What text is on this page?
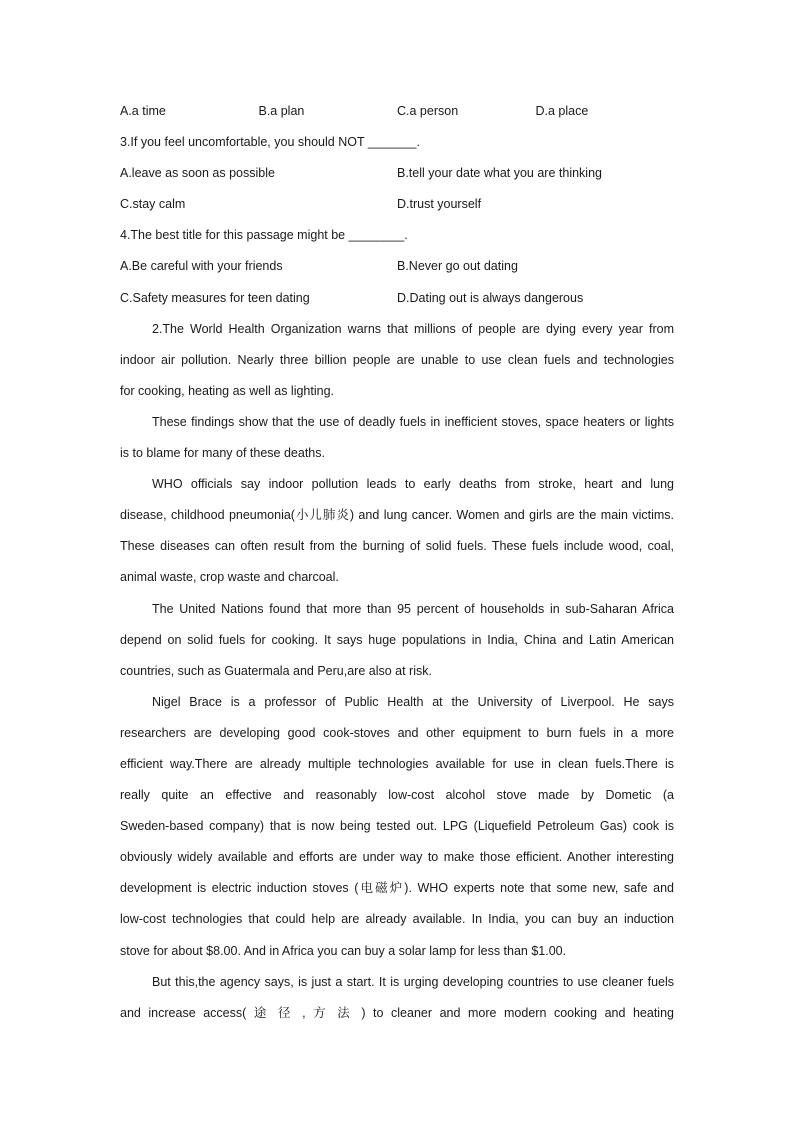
A.a time	B.a plan	C.a person	D.a place
3.If you feel uncomfortable, you should NOT _______.
A.leave as soon as possible	B.tell your date what you are thinking
C.stay calm	D.trust yourself
4.The best title for this passage might be ________.
A.Be careful with your friends	B.Never go out dating
C.Safety measures for teen dating	D.Dating out is always dangerous
2.The World Health Organization warns that millions of people are dying every year from
indoor air pollution. Nearly three billion people are unable to use clean fuels and technologies
for cooking, heating as well as lighting.
These findings show that the use of deadly fuels in inefficient stoves, space heaters or lights
is to blame for many of these deaths.
WHO officials say indoor pollution leads to early deaths from stroke, heart and lung
disease, childhood pneumonia(小儿肺炎) and lung cancer. Women and girls are the main victims.
These diseases can often result from the burning of solid fuels. These fuels include wood, coal,
animal waste, crop waste and charcoal.
The United Nations found that more than 95 percent of households in sub-Saharan Africa
depend on solid fuels for cooking. It says huge populations in India, China and Latin American
countries, such as Guatermala and Peru,are also at risk.
Nigel Brace is a professor of Public Health at the University of Liverpool. He says
researchers are developing good cook-stoves and other equipment to burn fuels in a more
efficient way.There are already multiple technologies available for use in clean fuels.There is
really quite an effective and reasonably low-cost alcohol stove made by Dometic (a
Sweden-based company) that is now being tested out. LPG (Liquefield Petroleum Gas) cook is
obviously widely available and efforts are under way to make those efficient. Another interesting
development is electric induction stoves (电磁炉). WHO experts note that some new, safe and
low-cost technologies that could help are already available. In India, you can buy an induction
stove for about $8.00. And in Africa you can buy a solar lamp for less than $1.00.
But this,the agency says, is just a start. It is urging developing countries to use cleaner fuels
and increase access( 途 径 , 方 法 ) to cleaner and more modern cooking and heating
